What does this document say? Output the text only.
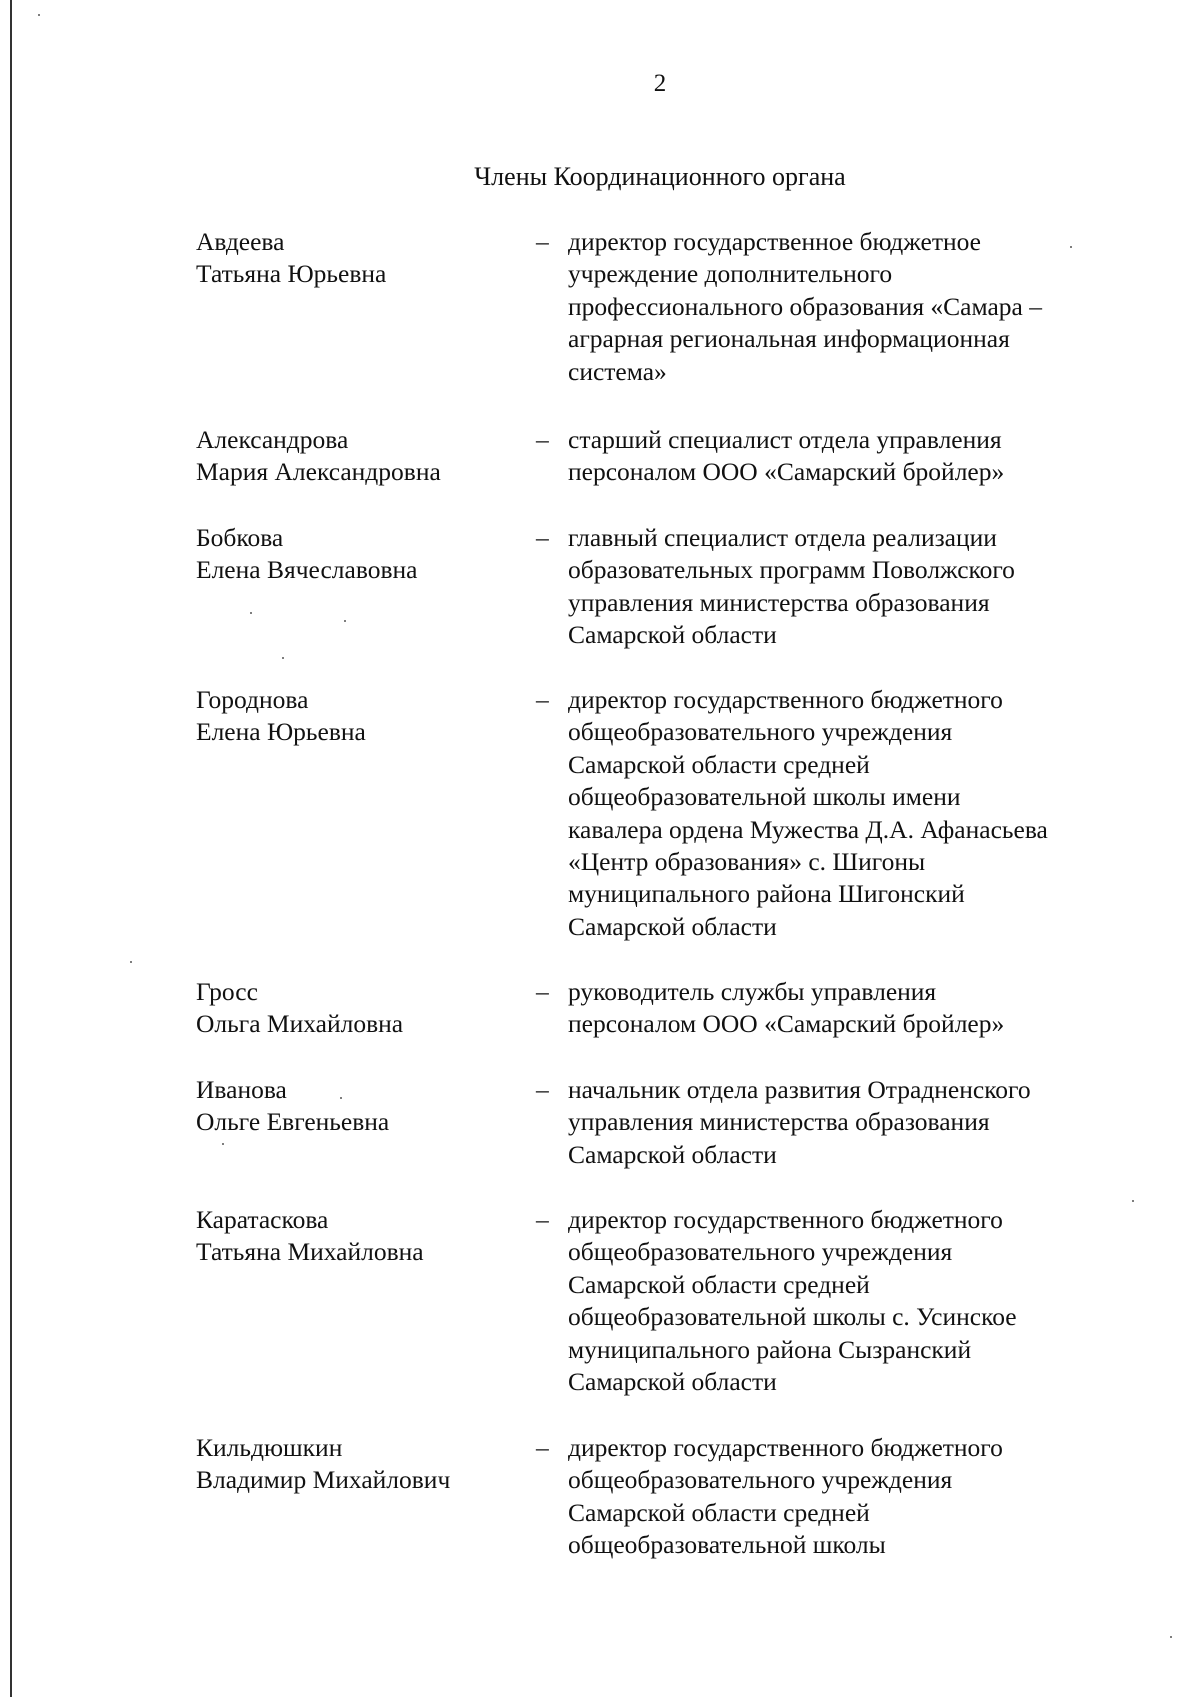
2
Члены Координационного органа
Авдеева
Татьяна Юрьевна
– директор государственное бюджетное
учреждение дополнительного
профессионального образования «Самара –
аграрная региональная информационная
система»
Александрова
Мария Александровна
– старший специалист отдела управления
персоналом ООО «Самарский бройлер»
Бобкова
Елена Вячеславовна
– главный специалист отдела реализации
образовательных программ Поволжского
управления министерства образования
Самарской области
Городнова
Елена Юрьевна
– директор государственного бюджетного
общеобразовательного учреждения
Самарской области средней
общеобразовательной школы имени
кавалера ордена Мужества Д.А. Афанасьева
«Центр образования» с. Шигоны
муниципального района Шигонский
Самарской области
Гросс
Ольга Михайловна
– руководитель службы управления
персоналом ООО «Самарский бройлер»
Иванова
Ольге Евгеньевна
– начальник отдела развития Отрадненского
управления министерства образования
Самарской области
Каратаскова
Татьяна Михайловна
– директор государственного бюджетного
общеобразовательного учреждения
Самарской области средней
общеобразовательной школы с. Усинское
муниципального района Сызранский
Самарской области
Кильдюшкин
Владимир Михайлович
– директор государственного бюджетного
общеобразовательного учреждения
Самарской области средней
общеобразовательной школы
